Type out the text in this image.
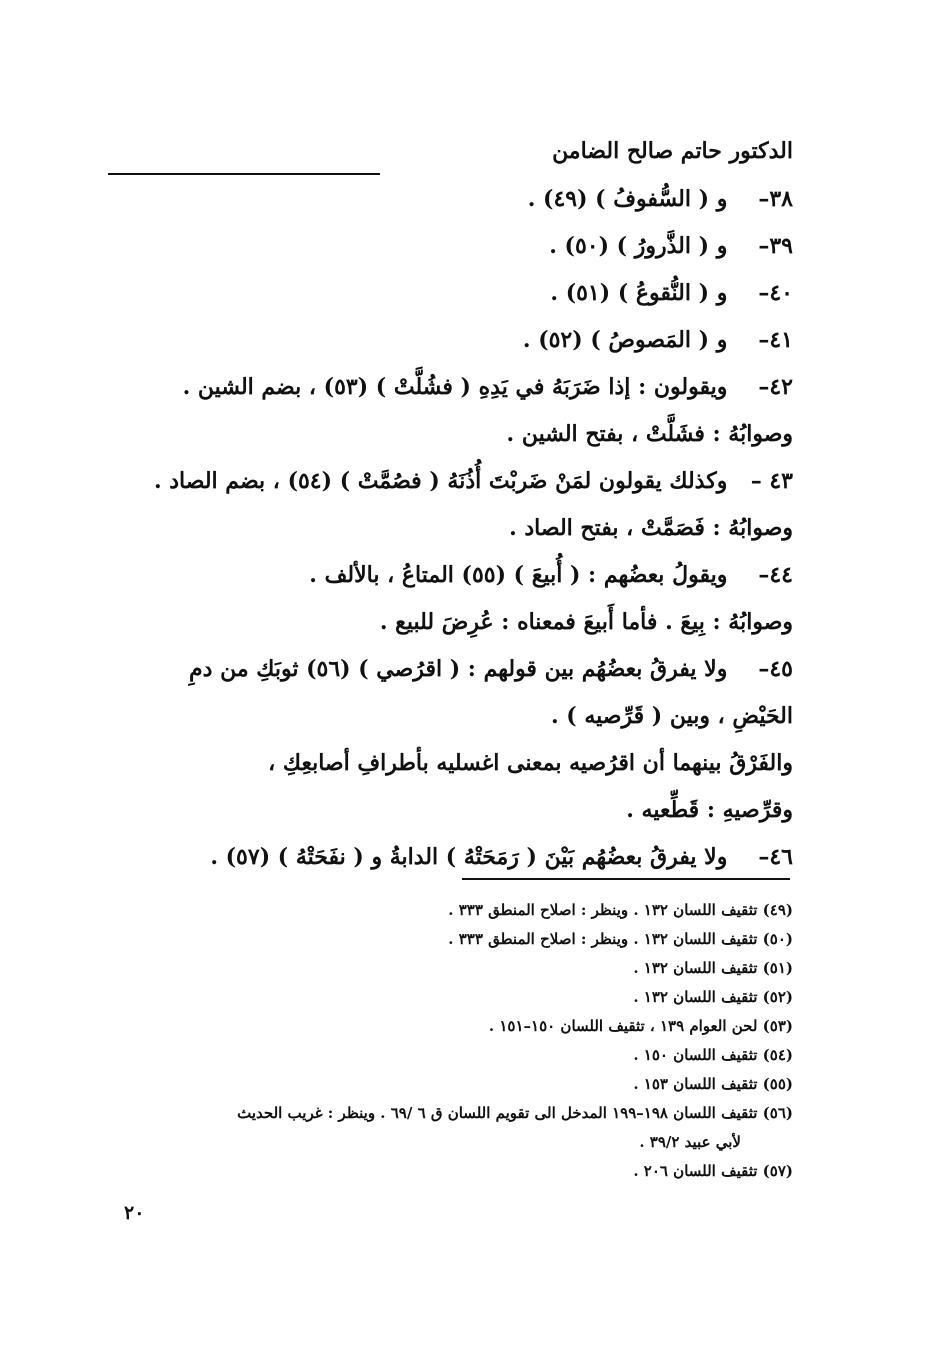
الدكتور حاتم صالح الضامن
٣٨– و ( السُّفوفُ ) (٤٩) .
٣٩– و ( الذَّرورُ ) (٥٠) .
٤٠– و ( النُّقوعُ ) (٥١) .
٤١– و ( المَصوصُ ) (٥٢) .
٤٢– ويقولون : إذا ضَرَبَهُ في يَدِهِ ( فشُلَّتْ ) (٥٣) ، بضم الشين .
وصوابُهُ : فشَلَّتْ ، بفتح الشين .
٤٣ – وكذلك يقولون لمَنْ ضَربْتَ أُذُنَهُ ( فصُمَّتْ ) (٥٤) ، بضم الصاد .
وصوابُهُ : فَصَمَّتْ ، بفتح الصاد .
٤٤– ويقولُ بعضُهم : ( أُبيعَ ) (٥٥) المتاعُ ، بالألف .
وصوابُهُ : بِيعَ . فأما أَبيعَ فمعناه : عُرِضَ للبيع .
٤٥– ولا يفرقُ بعضُهُم بين قولهم : ( اقرُصي ) (٥٦) ثوبَكِ من دمِ
الحَيْضِ ، وبين ( قَرِّصيه ) .
والفَرْقُ بينهما أن اقرُصيه بمعنى اغسليه بأطرافِ أصابعِكِ ،
وقرِّصيهِ : قَطِّعيه .
٤٦– ولا يفرقُ بعضُهُم بَيْنَ ( رَمَحَتْهُ ) الدابةُ و ( نفَحَتْهُ ) (٥٧) .
(٤٩) تثقيف اللسان ١٣٢ . وينظر : اصلاح المنطق ٣٣٣ .
(٥٠) تثقيف اللسان ١٣٢ . وينظر : اصلاح المنطق ٣٣٣ .
(٥١) تثقيف اللسان ١٣٢ .
(٥٢) تثقيف اللسان ١٣٢ .
(٥٣) لحن العوام ١٣٩ ، تثقيف اللسان ١٥٠–١٥١ .
(٥٤) تثقيف اللسان ١٥٠ .
(٥٥) تثقيف اللسان ١٥٣ .
(٥٦) تثقيف اللسان ١٩٨–١٩٩ المدخل الى تقويم اللسان ق ٦ /٦٩ . وينظر : غريب الحديث
لأبي عبيد ٣٩/٢ .
(٥٧) تثقيف اللسان ٢٠٦ .
٢٠
